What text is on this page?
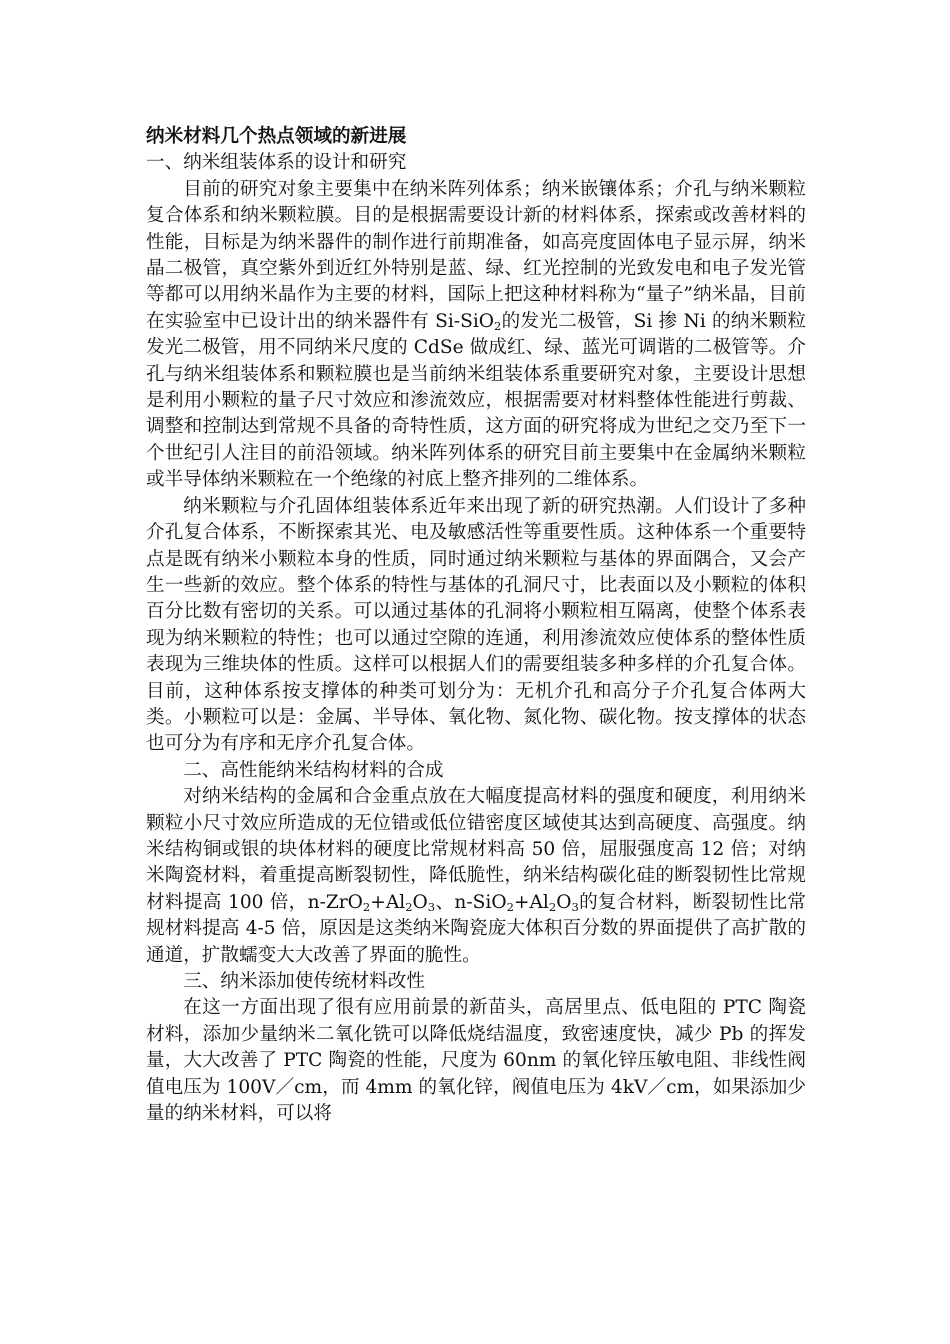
纳米材料几个热点领域的新进展

一、纳米组装体系的设计和研究

目前的研究对象主要集中在纳米阵列体系；纳米嵌镶体系；介孔与纳米颗粒复合体系和纳米颗粒膜。目的是根据需要设计新的材料体系，探索或改善材料的性能，目标是为纳米器件的制作进行前期准备，如高亮度固体电子显示屏，纳米晶二极管，真空紫外到近红外特别是蓝、绿、红光控制的光致发电和电子发光管等都可以用纳米晶作为主要的材料，国际上把这种材料称为“量子”纳米晶，目前在实验室中已设计出的纳米器件有 Si-SiO$_2$的发光二极管，Si 掺 Ni 的纳米颗粒发光二极管，用不同纳米尺度的 CdSe 做成红、绿、蓝光可调谐的二极管等。介孔与纳米组装体系和颗粒膜也是当前纳米组装体系重要研究对象，主要设计思想是利用小颗粒的量子尺寸效应和渗流效应，根据需要对材料整体性能进行剪裁、调整和控制达到常规不具备的奇特性质，这方面的研究将成为世纪之交乃至下一个世纪引人注目的前沿领域。纳米阵列体系的研究目前主要集中在金属纳米颗粒或半导体纳米颗粒在一个绝缘的衬底上整齐排列的二维体系。

纳米颗粒与介孔固体组装体系近年来出现了新的研究热潮。人们设计了多种介孔复合体系，不断探索其光、电及敏感活性等重要性质。这种体系一个重要特点是既有纳米小颗粒本身的性质，同时通过纳米颗粒与基体的界面隅合，又会产生一些新的效应。整个体系的特性与基体的孔洞尺寸，比表面以及小颗粒的体积百分比数有密切的关系。可以通过基体的孔洞将小颗粒相互隔离，使整个体系表现为纳米颗粒的特性；也可以通过空隙的连通，利用渗流效应使体系的整体性质表现为三维块体的性质。这样可以根据人们的需要组装多种多样的介孔复合体。目前，这种体系按支撑体的种类可划分为：无机介孔和高分子介孔复合体两大类。小颗粒可以是：金属、半导体、氧化物、氮化物、碳化物。按支撑体的状态也可分为有序和无序介孔复合体。

二、高性能纳米结构材料的合成

对纳米结构的金属和合金重点放在大幅度提高材料的强度和硬度，利用纳米颗粒小尺寸效应所造成的无位错或低位错密度区域使其达到高硬度、高强度。纳米结构铜或银的块体材料的硬度比常规材料高 50 倍，屈服强度高 12 倍；对纳米陶瓷材料，着重提高断裂韧性，降低脆性，纳米结构碳化硅的断裂韧性比常规材料提高 100 倍，$n-ZrO_2+Al_2O_3$、$n-SiO_2+Al_2O_3$的复合材料，断裂韧性比常规材料提高 4-5 倍，原因是这类纳米陶瓷庞大体积百分数的界面提供了高扩散的通道，扩散蠕变大大改善了界面的脆性。

三、纳米添加使传统材料改性

在这一方面出现了很有应用前景的新苗头，高居里点、低电阻的 PTC 陶瓷材料，添加少量纳米二氧化铣可以降低烧结温度，致密速度快，减少 Pb 的挥发量，大大改善了 PTC 陶瓷的性能，尺度为 60nm 的氧化锌压敏电阻、非线性阀值电压为 100V／cm，而 4mm 的氧化锌，阀值电压为 4kV／cm，如果添加少量的纳米材料，可以将
